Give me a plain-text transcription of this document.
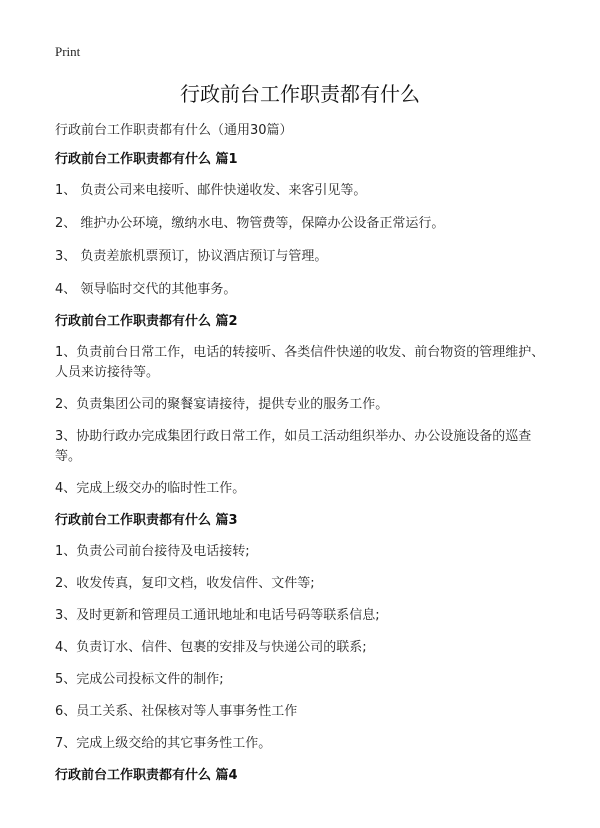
Print
行政前台工作职责都有什么

行政前台工作职责都有什么（通用30篇）

行政前台工作职责都有什么 篇1

1、 负责公司来电接听、邮件快递收发、来客引见等。

2、 维护办公环境，缴纳水电、物管费等，保障办公设备正常运行。

3、 负责差旅机票预订，协议酒店预订与管理。

4、 领导临时交代的其他事务。

行政前台工作职责都有什么 篇2

1、负责前台日常工作，电话的转接听、各类信件快递的收发、前台物资的管理维护、人员来访接待等。

2、负责集团公司的聚餐宴请接待，提供专业的服务工作。

3、协助行政办完成集团行政日常工作，如员工活动组织举办、办公设施设备的巡查等。

4、完成上级交办的临时性工作。

行政前台工作职责都有什么 篇3

1、负责公司前台接待及电话接转;

2、收发传真，复印文档，收发信件、文件等;

3、及时更新和管理员工通讯地址和电话号码等联系信息;

4、负责订水、信件、包裹的安排及与快递公司的联系;

5、完成公司投标文件的制作;

6、员工关系、社保核对等人事事务性工作

7、完成上级交给的其它事务性工作。

行政前台工作职责都有什么 篇4
